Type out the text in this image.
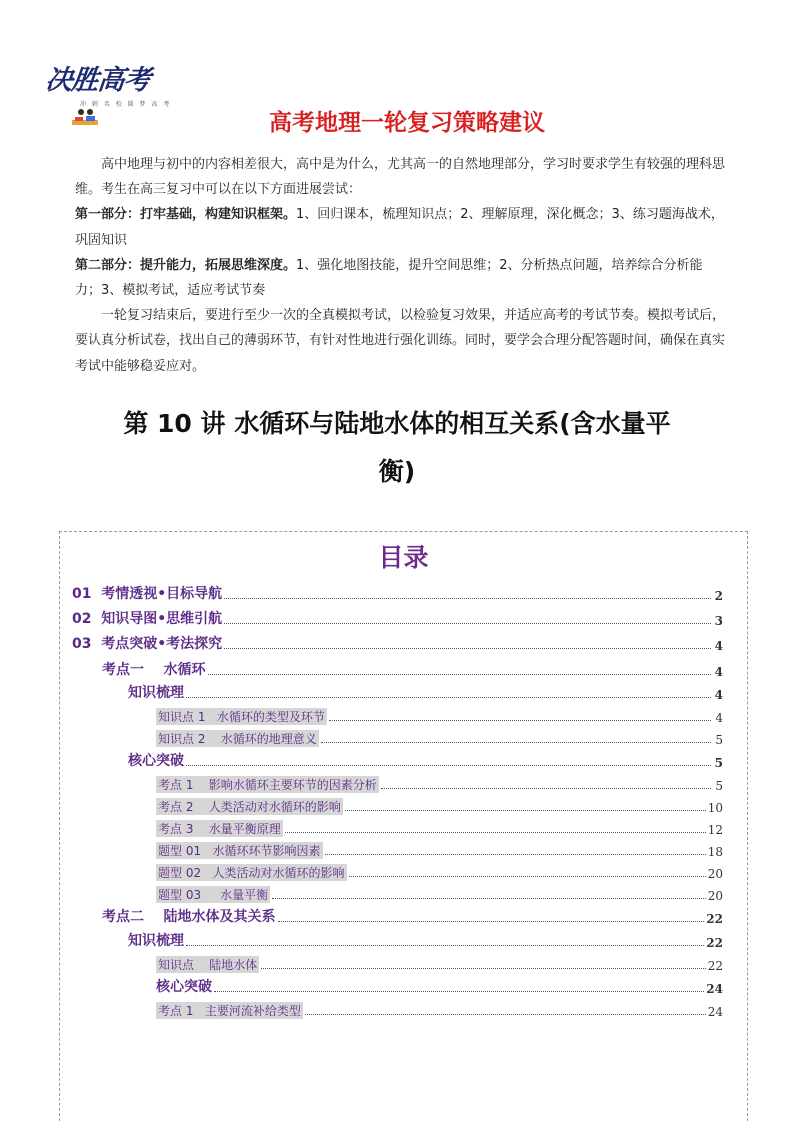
决胜高考
冲 刺 名 校 圆 梦 高 考
高考地理一轮复习策略建议

高中地理与初中的内容相差很大，高中是为什么，尤其高一的自然地理部分，学习时要求学生有较强的理科思维。考生在高三复习中可以在以下方面进展尝试：

第一部分：打牢基础，构建知识框架。1、回归课本，梳理知识点；2、理解原理，深化概念；3、练习题海战术，巩固知识

第二部分：提升能力，拓展思维深度。1、强化地图技能，提升空间思维；2、分析热点问题，培养综合分析能力；3、模拟考试，适应考试节奏

一轮复习结束后，要进行至少一次的全真模拟考试，以检验复习效果，并适应高考的考试节奏。模拟考试后，要认真分析试卷，找出自己的薄弱环节，有针对性地进行强化训练。同时，要学会合理分配答题时间，确保在真实考试中能够稳妥应对。

第 10 讲 水循环与陆地水体的相互关系(含水量平
衡)
目录
01  考情透视•目标导航	2
02  知识导图•思维引航	3
03  考点突破•考法探究	4
考点一    水循环	4
知识梳理	4
知识点 1   水循环的类型及环节	4
知识点 2    水循环的地理意义	5
核心突破	5
考点 1    影响水循环主要环节的因素分析	5
考点 2    人类活动对水循环的影响	10
考点 3    水量平衡原理	12
题型 01   水循环环节影响因素	18
题型 02   人类活动对水循环的影响	20
题型 03     水量平衡	20
考点二    陆地水体及其关系	22
知识梳理	22
知识点    陆地水体	22
核心突破	24
考点 1   主要河流补给类型	24
